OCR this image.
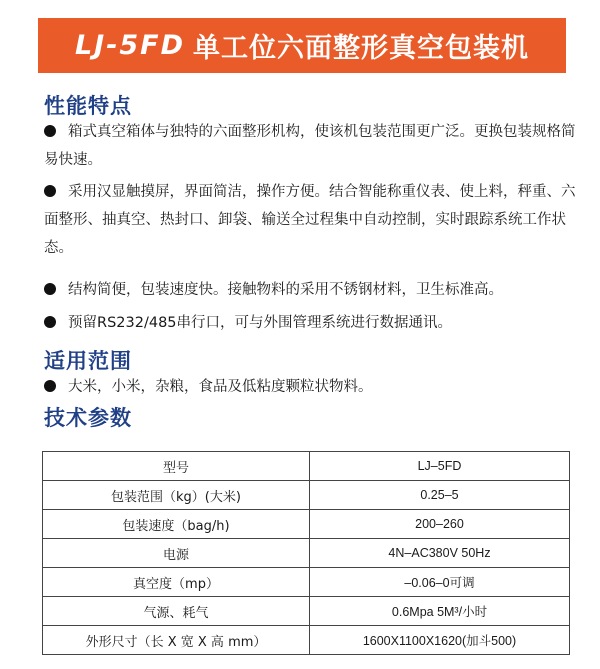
LJ-5FD 单工位六面整形真空包装机
性能特点

箱式真空箱体与独特的六面整形机构，使该机包装范围更广泛。更换包装规格简易快速。

采用汉显触摸屏，界面简洁，操作方便。结合智能称重仪表、使上料，秤重、六面整形、抽真空、热封口、卸袋、输送全过程集中自动控制，实时跟踪系统工作状态。

结构简便，包装速度快。接触物料的采用不锈钢材料，卫生标准高。

预留RS232/485串行口，可与外围管理系统进行数据通讯。

适用范围

大米，小米，杂粮，食品及低粘度颗粒状物料。

技术参数
型号	LJ–5FD
包装范围（kg）(大米)	0.25–5
包装速度（bag/h)	200–260
电源	4N–AC380V 50Hz
真空度（mp）	–0.06–0可调
气源、耗气	0.6Mpa 5M³/小时
外形尺寸（长 X 宽 X 高 mm）	1600X1100X1620(加斗500)
